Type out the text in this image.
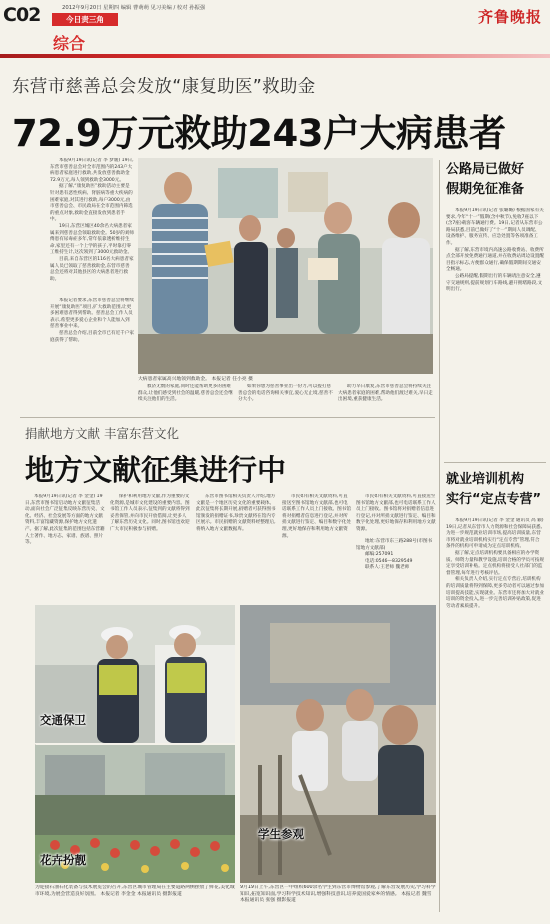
C02	2012年9月20日 星期四 编辑 曹萌萌 见习美编 / 校对 孙振强
今日责三角
综合
齐鲁晚报
东营市慈善总会发放“康复助医”救助金
72.9万元救助243户大病患者

本报9月19日讯(记者 李 梦媛) 19日,东营市慈善总会对全市范围内的243户大病患者家庭进行救助,共发放慈善救助金72.9万元,每人领到救助金3000元。

据了解,“康复助医”救助活动主要是针对患有恶性疾病、肾脏病等重大疾病的困难家庭,对其进行救助,每户3000元,由市慈善总会、市民政局在全市范围内筛选的重点对象,救助金直接发放到患者手中。

19日,东营区城区40余名大病患者家属来到慈善总会领取救助金。50岁的刘师傅患有尿毒症多年,常年依靠透析维持生命,家里还有一个上学的孩子,平时靠打零工维持生计,这次领到了3000元救助金。

目前,来自东营区的116名大病患者家属人员已领取了慈善救助金,东营市慈善总会还将对其他县区的大病患者进行救助。

本报记者要求,东营市慈善总会将继续开展“康复助医”项目,扩大救助范围,让更多困难患者得到帮助。慈善总会工作人员表示,希望更多爱心企业和个人能加入到慈善事业中来。

慈善总会介绍,目前全市已有近千户家庭获得了帮助。

大病患者家属高兴地领到救助金。 本报记者 任小亮 摄

救济无数的家庭,同时还能帮助更多的困难群众,让他们感受到社会的温暖,慈善总会还会继续关注他们的生活。

如果你想为慈善事业出一份力,可以拨打慈善总会的电话咨询相关事宜,爱心无止境,慈善不分大小。

助力早日康复,东营市慈善总会将持续关注大病患者家庭的困难,帮助他们渡过难关,早日走出困境,重获健康生活。

公路局已做好
假期免征准备

本报9月19日讯(记者 张璐璐) 根据国家有关要求,今年“十一”假期(含中秋节),免收7座以下(含7座)载客车辆通行费。19日,记者从东营市公路局获悉,目前已做好了“十一”期间人员调配、设备维护、服务宣传、应急处置等各项准备工作。

据了解,东营市境内高速公路收费站、收费所点全部开放免费通行通道,并在收费站周边设置醒目指示标志,方便群众通行,确保假期期间交通安全畅通。

公路局提醒,假期出行的车辆请注意安全,遵守交通规则,提前规划行车路线,避开拥堵路段,文明出行。

就业培训机构
实行“定点专营”

本报9月19日讯(记者 李 金金 通讯员 高 颖) 19日,记者从东营市人力资源和社会保障局获悉,为进一步规范就业培训市场,提高培训质量,东营市将对就业培训机构实行“定点专营”管理,符合条件的机构可申请成为定点培训机构。

据了解,定点培训机构要具备相应的办学资质、师资力量和教学设施,培训合格的学员可按规定享受培训补贴。定点机构将接受人社部门的监督管理,每年进行考核评估。

相关负责人介绍,实行定点专营后,培训机构的培训质量将得到保障,更多劳动者可以通过参加培训提高技能,实现就业。东营市还将加大对就业培训的资金投入,进一步完善培训补贴政策,促进劳动者素质提升。

捐献地方文献 丰富东营文化
地方文献征集进行中

本报9月19日讯(记者 李 金金) 19日,东营市图书馆启动地方文献征集活动,面向社会广泛征集反映东营历史、文化、经济、社会发展等方面的地方文献资料,丰富馆藏资源,保护地方文化遗产。据了解,此次征集的范围包括东营籍人士著作、地方志、家谱、族谱、照片等。

保护和利用地方文献,作为重要的文化资源,是城市文化建设的重要内容。图书馆工作人员表示,征集到的文献将得到妥善保管,并向市民开放借阅,让更多人了解东营历史文化。同时,图书馆也欢迎广大市民积极参与捐赠。

东营市图书馆相关负责人介绍,地方文献是一个地区历史文化的重要载体。此次征集将长期开展,捐赠者可获得图书馆颁发的捐赠证书,珍贵文献将在馆内专区展示。市民捐赠的文献资料经整理后,将纳入地方文献数据库。

市民如有相关文献资料,可直接送至图书馆地方文献部,也可电话联系工作人员上门接收。图书馆将对捐赠者信息进行登记,并对所捐文献进行鉴定、编目和数字化处理,更好地保存和利用地方文献资源。

市民如有相关文献资料,可直接送至图书馆地方文献部,也可电话联系工作人员上门接收。图书馆将对捐赠者信息进行登记,并对所捐文献进行鉴定、编目和数字化处理,更好地保存和利用地方文献资源。

地址:东营市东三路288号(市图书馆地方文献部)

邮编:257091

电话:0546—8329549

联系人:王老师 魏老师

交通保卫
花卉扮靓
为迎接石油石化装备与技术展览会的召开,东营区城市管理局在主要道路两侧摆放了鲜花,美化城市环境,为展会营造良好氛围。 本报记者 李金金 本报通讯员 摄影报道
学生参观
9月19日上午,东营区一中组织600余名学生到东营市博物馆参观,了解东营发展历史,学习科学知识,拓宽知识面,学习科学技术知识,增强科技意识,培养爱国爱家乡的情感。 本报记者 魏雪 本报通讯员 张强 摄影报道
